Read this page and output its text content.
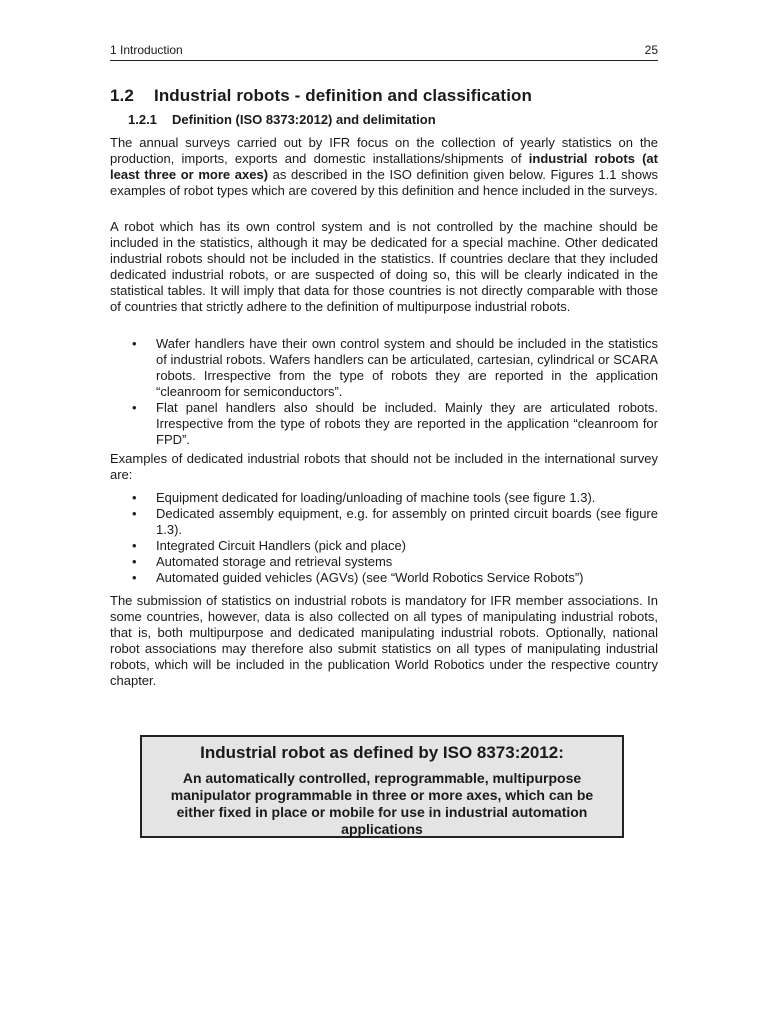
1 Introduction	25
1.2 Industrial robots - definition and classification
1.2.1 Definition (ISO 8373:2012) and delimitation

The annual surveys carried out by IFR focus on the collection of yearly statistics on the production, imports, exports and domestic installations/shipments of industrial robots (at least three or more axes) as described in the ISO definition given below. Figures 1.1 shows examples of robot types which are covered by this definition and hence included in the surveys.

A robot which has its own control system and is not controlled by the machine should be included in the statistics, although it may be dedicated for a special machine. Other dedicated industrial robots should not be included in the statistics. If countries declare that they included dedicated industrial robots, or are suspected of doing so, this will be clearly indicated in the statistical tables. It will imply that data for those countries is not directly comparable with those of countries that strictly adhere to the definition of multipurpose industrial robots.

• Wafer handlers have their own control system and should be included in the statistics of industrial robots. Wafers handlers can be articulated, cartesian, cylindrical or SCARA robots. Irrespective from the type of robots they are reported in the application “cleanroom for semiconductors”.
• Flat panel handlers also should be included. Mainly they are articulated robots. Irrespective from the type of robots they are reported in the application “cleanroom for FPD”.

Examples of dedicated industrial robots that should not be included in the international survey are:

• Equipment dedicated for loading/unloading of machine tools (see figure 1.3).
• Dedicated assembly equipment, e.g. for assembly on printed circuit boards (see figure 1.3).
• Integrated Circuit Handlers (pick and place)
• Automated storage and retrieval systems
• Automated guided vehicles (AGVs) (see “World Robotics Service Robots”)

The submission of statistics on industrial robots is mandatory for IFR member associations. In some countries, however, data is also collected on all types of manipulating industrial robots, that is, both multipurpose and dedicated manipulating industrial robots. Optionally, national robot associations may therefore also submit statistics on all types of manipulating industrial robots, which will be included in the publication World Robotics under the respective country chapter.

Industrial robot as defined by ISO 8373:2012:

An automatically controlled, reprogrammable, multipurpose manipulator programmable in three or more axes, which can be either fixed in place or mobile for use in industrial automation applications
